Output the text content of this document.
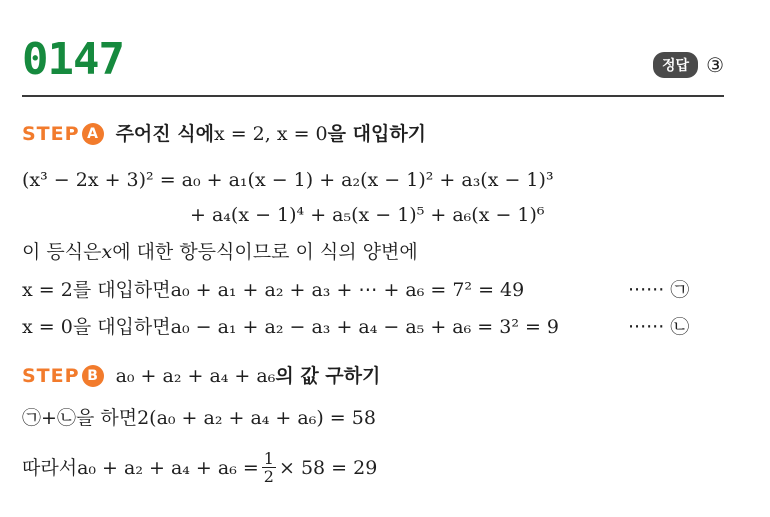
0147	정답 ③
STEP A 주어진 식에 x = 2, x = 0 을 대입하기
(x³ − 2x + 3)² = a₀ + a₁(x − 1) + a₂(x − 1)² + a₃(x − 1)³
+ a₄(x − 1)⁴ + a₅(x − 1)⁵ + a₆(x − 1)⁶
이 등식은 x 에 대한 항등식이므로 이 식의 양변에
x = 2 를 대입하면 a₀ + a₁ + a₂ + a₃ + ⋯ + a₆ = 7² = 49	······ ㉠
x = 0 을 대입하면 a₀ − a₁ + a₂ − a₃ + a₄ − a₅ + a₆ = 3² = 9	······ ㉡
STEP B a₀ + a₂ + a₄ + a₆ 의 값 구하기
㉠ + ㉡ 을 하면 2(a₀ + a₂ + a₄ + a₆) = 58
따라서 $a_0 + a_2 + a_4 + a_6 = \frac{1}{2} \times 58 = 29$
